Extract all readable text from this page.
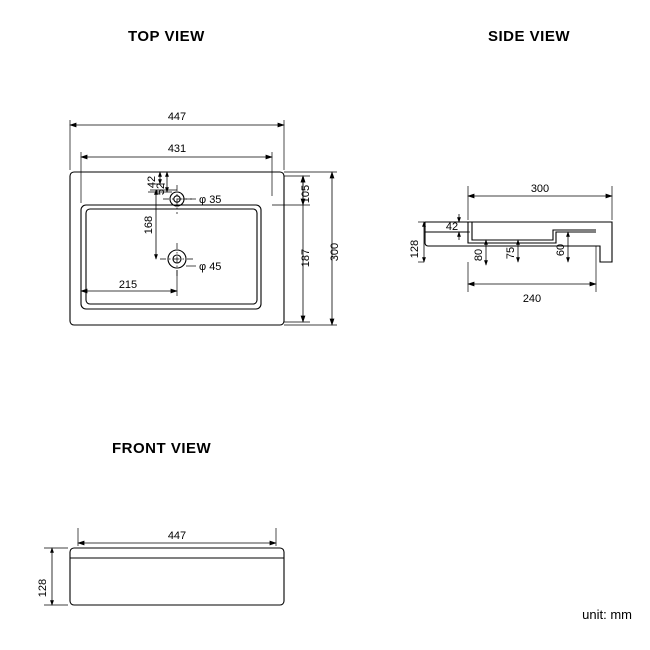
TOP VIEW	SIDE VIEW
FRONT VIEW
unit: mm
447
431
300
187
105
168
42
52
215
φ 35
φ 45
300
42
128	80 75	60
240
447
128
